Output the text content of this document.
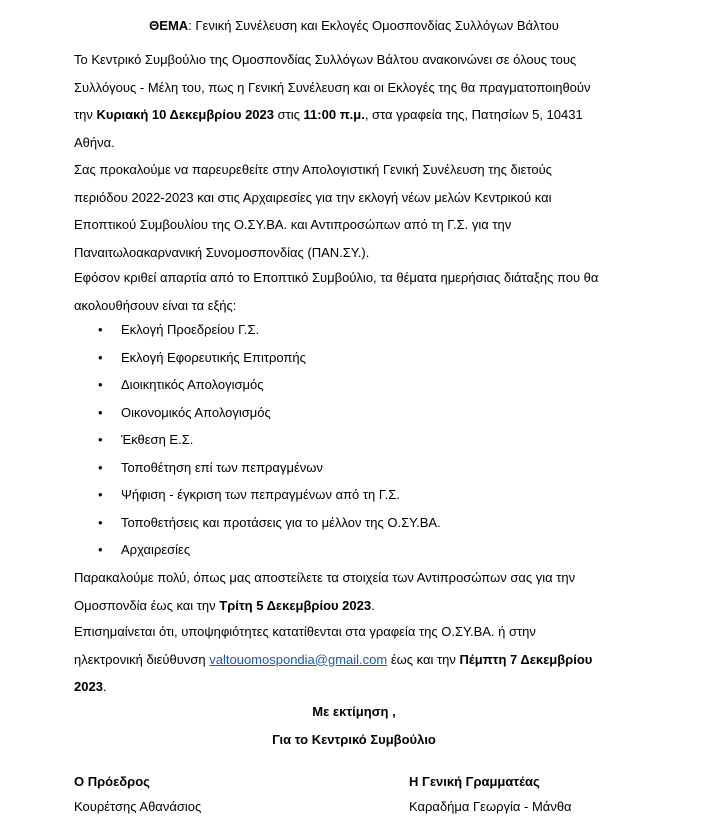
ΘΕΜΑ: Γενική Συνέλευση και Εκλογές Ομοσπονδίας Συλλόγων Βάλτου
Το Κεντρικό Συμβούλιο της Ομοσπονδίας Συλλόγων Βάλτου ανακοινώνει σε όλους τους
Συλλόγους - Μέλη του, πως η Γενική Συνέλευση και οι Εκλογές της θα πραγματοποιηθούν
την Κυριακή 10 Δεκεμβρίου 2023 στις 11:00 π.μ., στα γραφεία της, Πατησίων 5, 10431
Αθήνα.
Σας προκαλούμε να παρευρεθείτε στην Απολογιστική Γενική Συνέλευση της διετούς
περιόδου 2022-2023 και στις Αρχαιρεσίες για την εκλογή νέων μελών Κεντρικού και
Εποπτικού Συμβουλίου της Ο.ΣΥ.ΒΑ. και Αντιπροσώπων από τη Γ.Σ. για την
Παναιτωλοακαρνανική Συνομοσπονδίας (ΠΑΝ.ΣΥ.).
Εφόσον κριθεί απαρτία από το Εποπτικό Συμβούλιο, τα θέματα ημερήσιας διάταξης που θα
ακολουθήσουν είναι τα εξής:
• Εκλογή Προεδρείου Γ.Σ.
• Εκλογή Εφορευτικής Επιτροπής
• Διοικητικός Απολογισμός
• Οικονομικός Απολογισμός
• Έκθεση Ε.Σ.
• Τοποθέτηση επί των πεπραγμένων
• Ψήφιση - έγκριση των πεπραγμένων από τη Γ.Σ.
• Τοποθετήσεις και προτάσεις για το μέλλον της Ο.ΣΥ.ΒΑ.
• Αρχαιρεσίες
Παρακαλούμε πολύ, όπως μας αποστείλετε τα στοιχεία των Αντιπροσώπων σας για την
Ομοσπονδία έως και την Τρίτη 5 Δεκεμβρίου 2023.
Επισημαίνεται ότι, υποψηφιότητες κατατίθενται στα γραφεία της Ο.ΣΥ.ΒΑ. ή στην
ηλεκτρονική διεύθυνση valtouomospondia@gmail.com έως και την Πέμπτη 7 Δεκεμβρίου
2023.
Με εκτίμηση ,
Για το Κεντρικό Συμβούλιο
Ο Πρόεδρος
Κουρέτσης Αθανάσιος
Η Γενική Γραμματέας
Καραδήμα Γεωργία - Μάνθα
